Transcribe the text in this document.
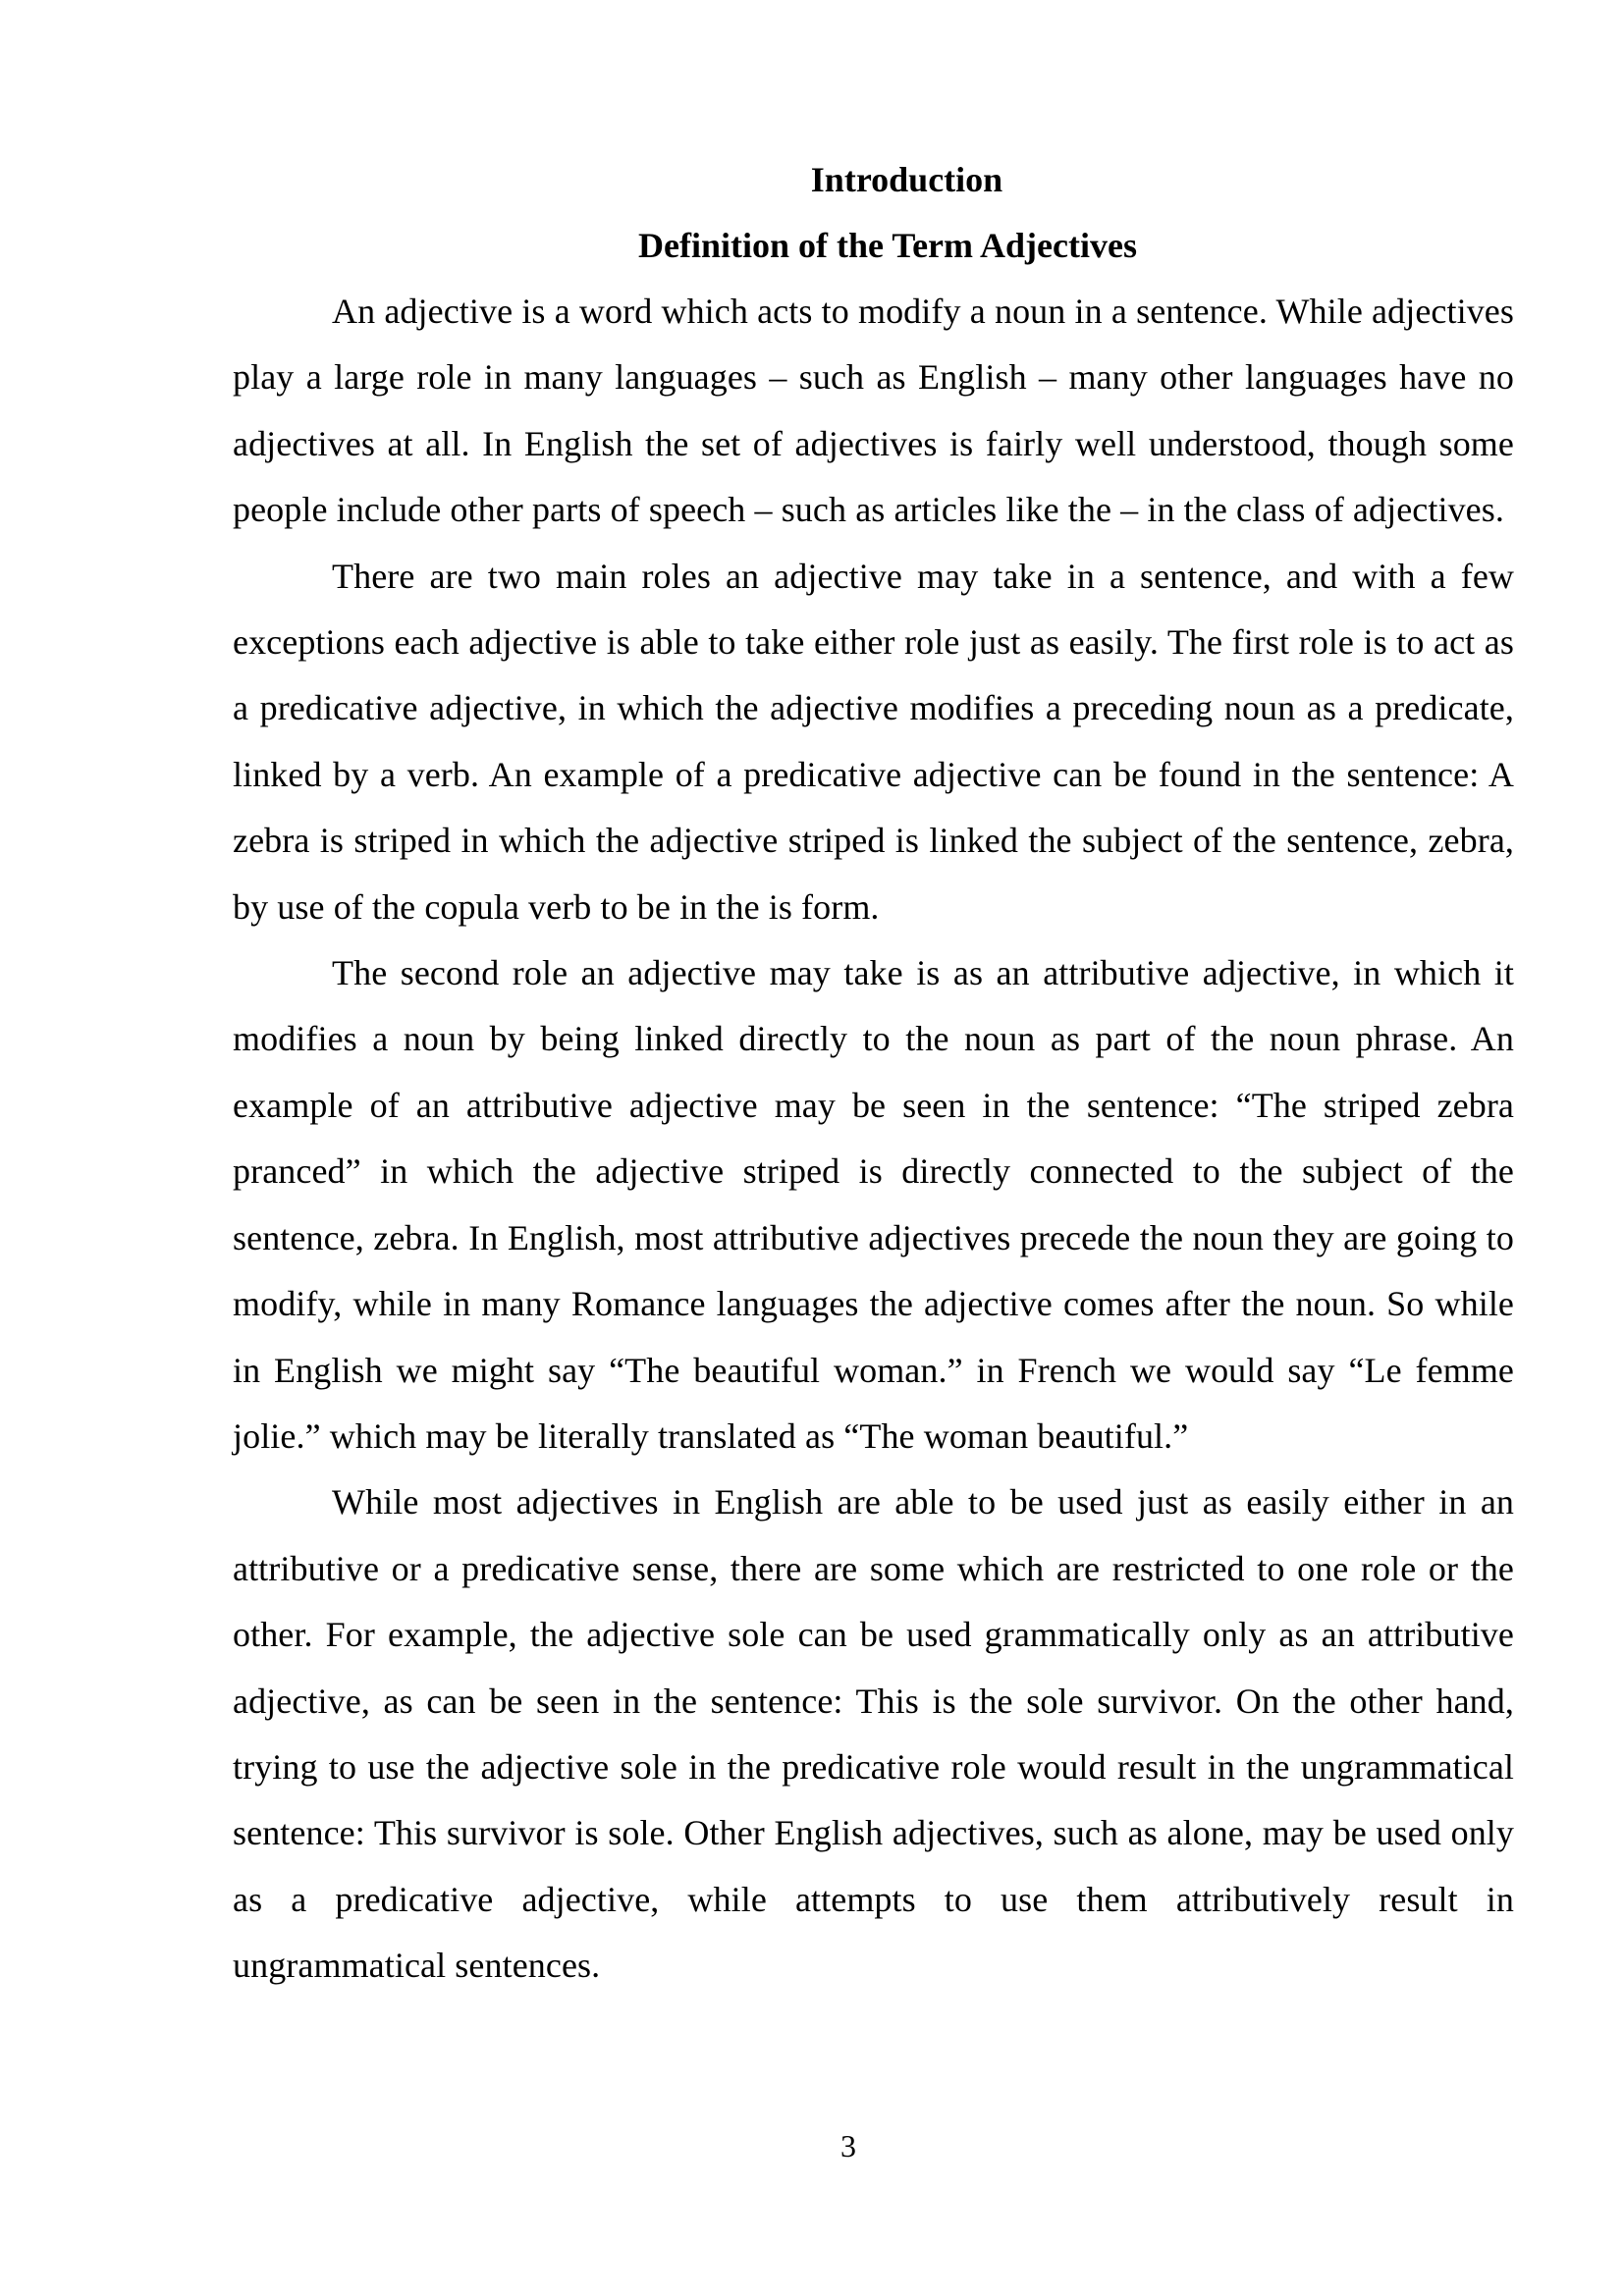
Introduction
Definition of the Term Adjectives

An adjective is a word which acts to modify a noun in a sentence. While adjectives play a large role in many languages – such as English – many other languages have no adjectives at all. In English the set of adjectives is fairly well understood, though some people include other parts of speech – such as articles like the – in the class of adjectives.

There are two main roles an adjective may take in a sentence, and with a few exceptions each adjective is able to take either role just as easily. The first role is to act as a predicative adjective, in which the adjective modifies a preceding noun as a predicate, linked by a verb. An example of a predicative adjective can be found in the sentence: A zebra is striped in which the adjective striped is linked the subject of the sentence, zebra, by use of the copula verb to be in the is form.

The second role an adjective may take is as an attributive adjective, in which it modifies a noun by being linked directly to the noun as part of the noun phrase. An example of an attributive adjective may be seen in the sentence: “The striped zebra pranced” in which the adjective striped is directly connected to the subject of the sentence, zebra. In English, most attributive adjectives precede the noun they are going to modify, while in many Romance languages the adjective comes after the noun. So while in English we might say “The beautiful woman.” in French we would say “Le femme jolie.” which may be literally translated as “The woman beautiful.”

While most adjectives in English are able to be used just as easily either in an attributive or a predicative sense, there are some which are restricted to one role or the other. For example, the adjective sole can be used grammatically only as an attributive adjective, as can be seen in the sentence: This is the sole survivor. On the other hand, trying to use the adjective sole in the predicative role would result in the ungrammatical sentence: This survivor is sole. Other English adjectives, such as alone, may be used only as a predicative adjective, while attempts to use them attributively result in ungrammatical sentences.

3
